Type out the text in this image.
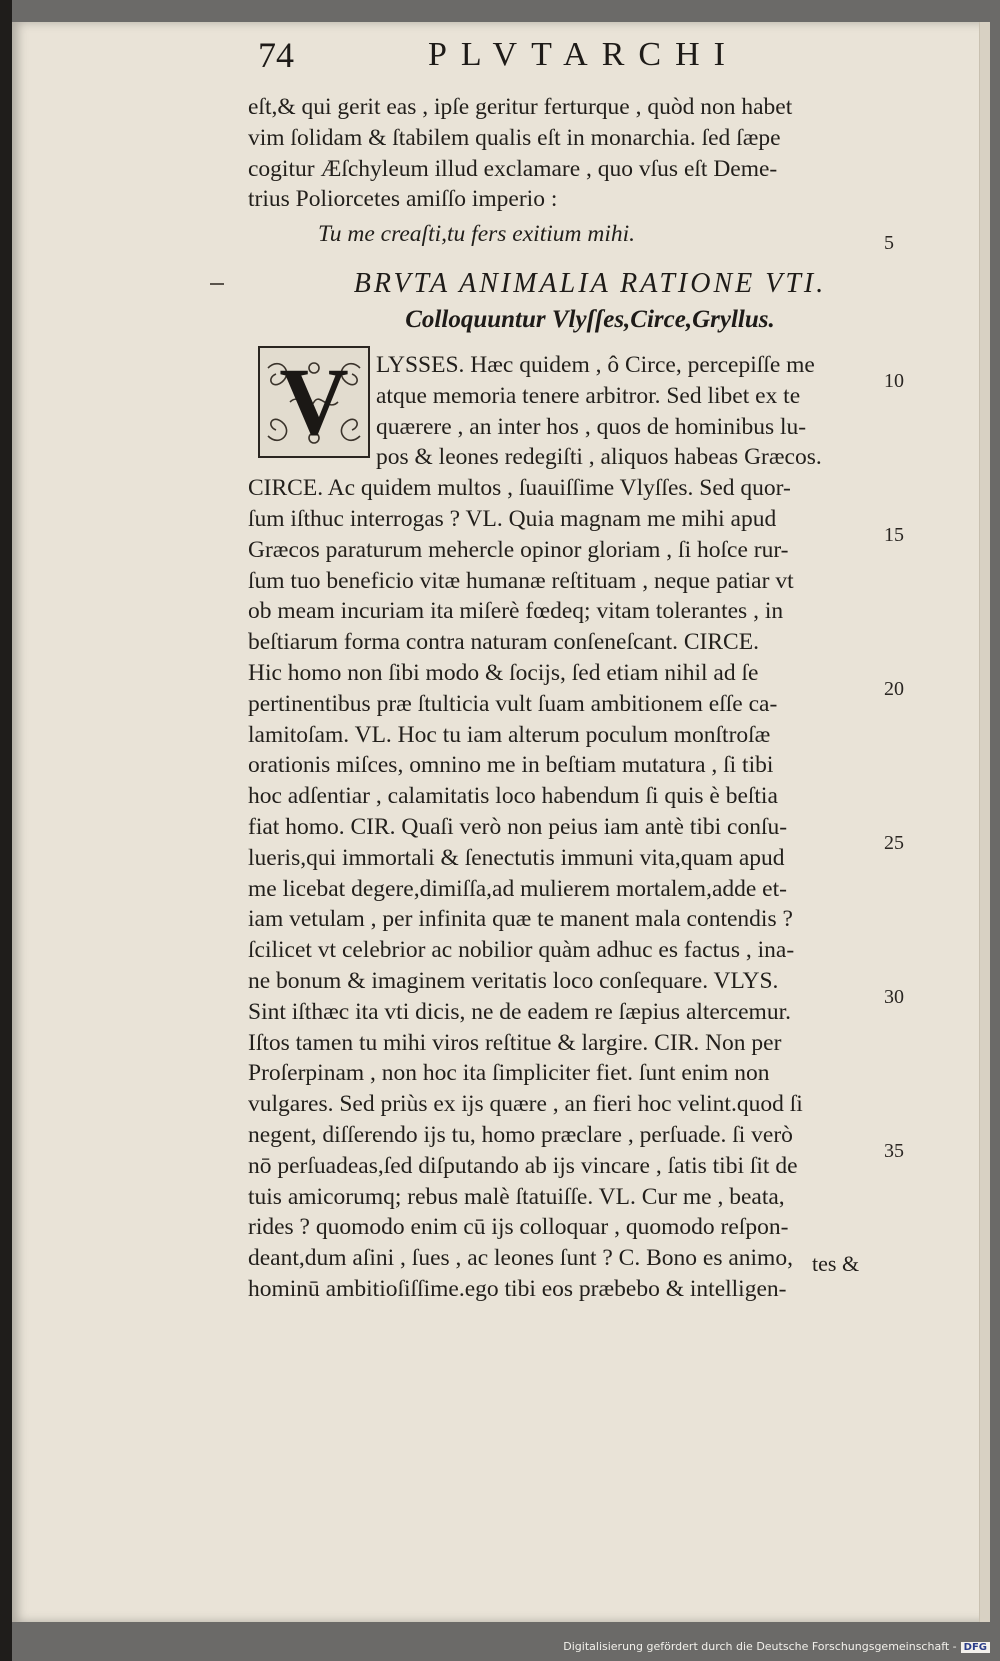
74	PLVTARCHI
eſt,& qui gerit eas , ipſe geritur ferturque , quòd non habet
vim ſolidam & ſtabilem qualis eſt in monarchia. ſed ſæpe
cogitur Æſchyleum illud exclamare , quo vſus eſt Deme-
trius Poliorcetes amiſſo imperio :
Tu me creaſti,tu fers exitium mihi.
BRVTA ANIMALIA RATIONE VTI.
Colloquuntur Vlyſſes,Circe,Gryllus.
V	LYSSES. Hæc quidem , ô Circe, percepiſſe me
atque memoria tenere arbitror. Sed libet ex te
quærere , an inter hos , quos de hominibus lu-
pos & leones redegiſti , aliquos habeas Græcos.
CIRCE. Ac quidem multos , ſuauiſſime Vlyſſes. Sed quor-
ſum iſthuc interrogas ? VL. Quia magnam me mihi apud
Græcos paraturum mehercle opinor gloriam , ſi hoſce rur-
ſum tuo beneficio vitæ humanæ reſtituam , neque patiar vt
ob meam incuriam ita miſerè fœdeq; vitam tolerantes , in
beſtiarum forma contra naturam conſeneſcant. CIRCE.
Hic homo non ſibi modo & ſocijs, ſed etiam nihil ad ſe
pertinentibus præ ſtulticia vult ſuam ambitionem eſſe ca-
lamitoſam. VL. Hoc tu iam alterum poculum monſtroſæ
orationis miſces, omnino me in beſtiam mutatura , ſi tibi
hoc adſentiar , calamitatis loco habendum ſi quis è beſtia
fiat homo. CIR. Quaſi verò non peius iam antè tibi conſu-
lueris,qui immortali & ſenectutis immuni vita,quam apud
me licebat degere,dimiſſa,ad mulierem mortalem,adde et-
iam vetulam , per infinita quæ te manent mala contendis ?
ſcilicet vt celebrior ac nobilior quàm adhuc es factus , ina-
ne bonum & imaginem veritatis loco conſequare. VLYS.
Sint iſthæc ita vti dicis, ne de eadem re ſæpius altercemur.
Iſtos tamen tu mihi viros reſtitue & largire. CIR. Non per
Proſerpinam , non hoc ita ſimpliciter fiet. ſunt enim non
vulgares. Sed priùs ex ijs quære , an fieri hoc velint.quod ſi
negent, diſſerendo ijs tu, homo præclare , perſuade. ſi verò
nō perſuadeas,ſed diſputando ab ijs vincare , ſatis tibi ſit de
tuis amicorumq; rebus malè ſtatuiſſe. VL. Cur me , beata,
rides ? quomodo enim cū ijs colloquar , quomodo reſpon-
deant,dum aſini , ſues , ac leones ſunt ? C. Bono es animo,
hominū ambitioſiſſime.ego tibi eos præbebo & intelligen-
tes &
5
10
15
20
25
30
35
Digitalisierung gefördert durch die Deutsche Forschungsgemeinschaft - DFG
